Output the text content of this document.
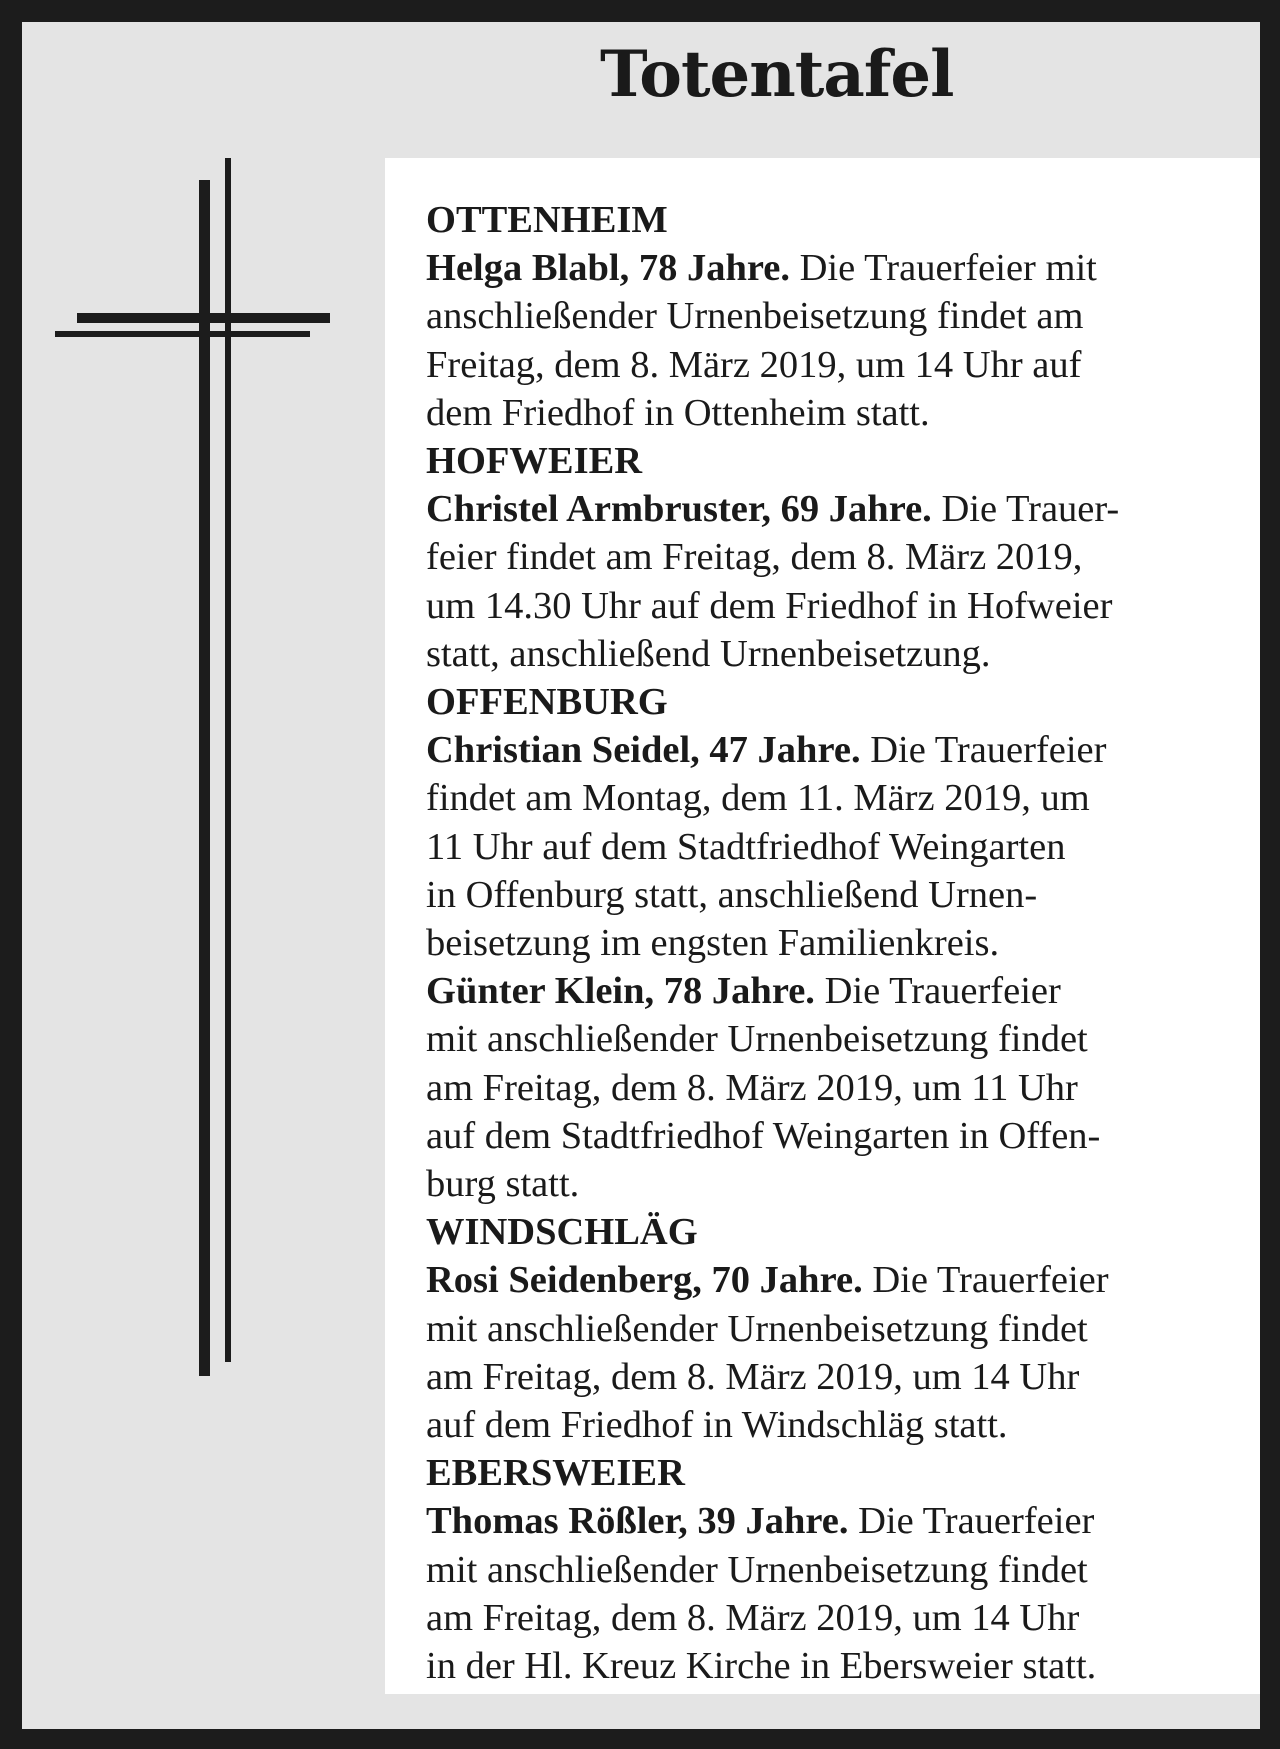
Totentafel
OTTENHEIM
Helga Blabl, 78 Jahre. Die Trauerfeier mit
anschließender Urnenbeisetzung findet am
Freitag, dem 8. März 2019, um 14 Uhr auf
dem Friedhof in Ottenheim statt.
HOFWEIER
Christel Armbruster, 69 Jahre. Die Trauer-
feier findet am Freitag, dem 8. März 2019,
um 14.30 Uhr auf dem Friedhof in Hofweier
statt, anschließend Urnenbeisetzung.
OFFENBURG
Christian Seidel, 47 Jahre. Die Trauerfeier
findet am Montag, dem 11. März 2019, um
11 Uhr auf dem Stadtfriedhof Weingarten
in Offenburg statt, anschließend Urnen-
beisetzung im engsten Familienkreis.
Günter Klein, 78 Jahre. Die Trauerfeier
mit anschließender Urnenbeisetzung findet
am Freitag, dem 8. März 2019, um 11 Uhr
auf dem Stadtfriedhof Weingarten in Offen-
burg statt.
WINDSCHLÄG
Rosi Seidenberg, 70 Jahre. Die Trauerfeier
mit anschließender Urnenbeisetzung findet
am Freitag, dem 8. März 2019, um 14 Uhr
auf dem Friedhof in Windschläg statt.
EBERSWEIER
Thomas Rößler, 39 Jahre. Die Trauerfeier
mit anschließender Urnenbeisetzung findet
am Freitag, dem 8. März 2019, um 14 Uhr
in der Hl. Kreuz Kirche in Ebersweier statt.
